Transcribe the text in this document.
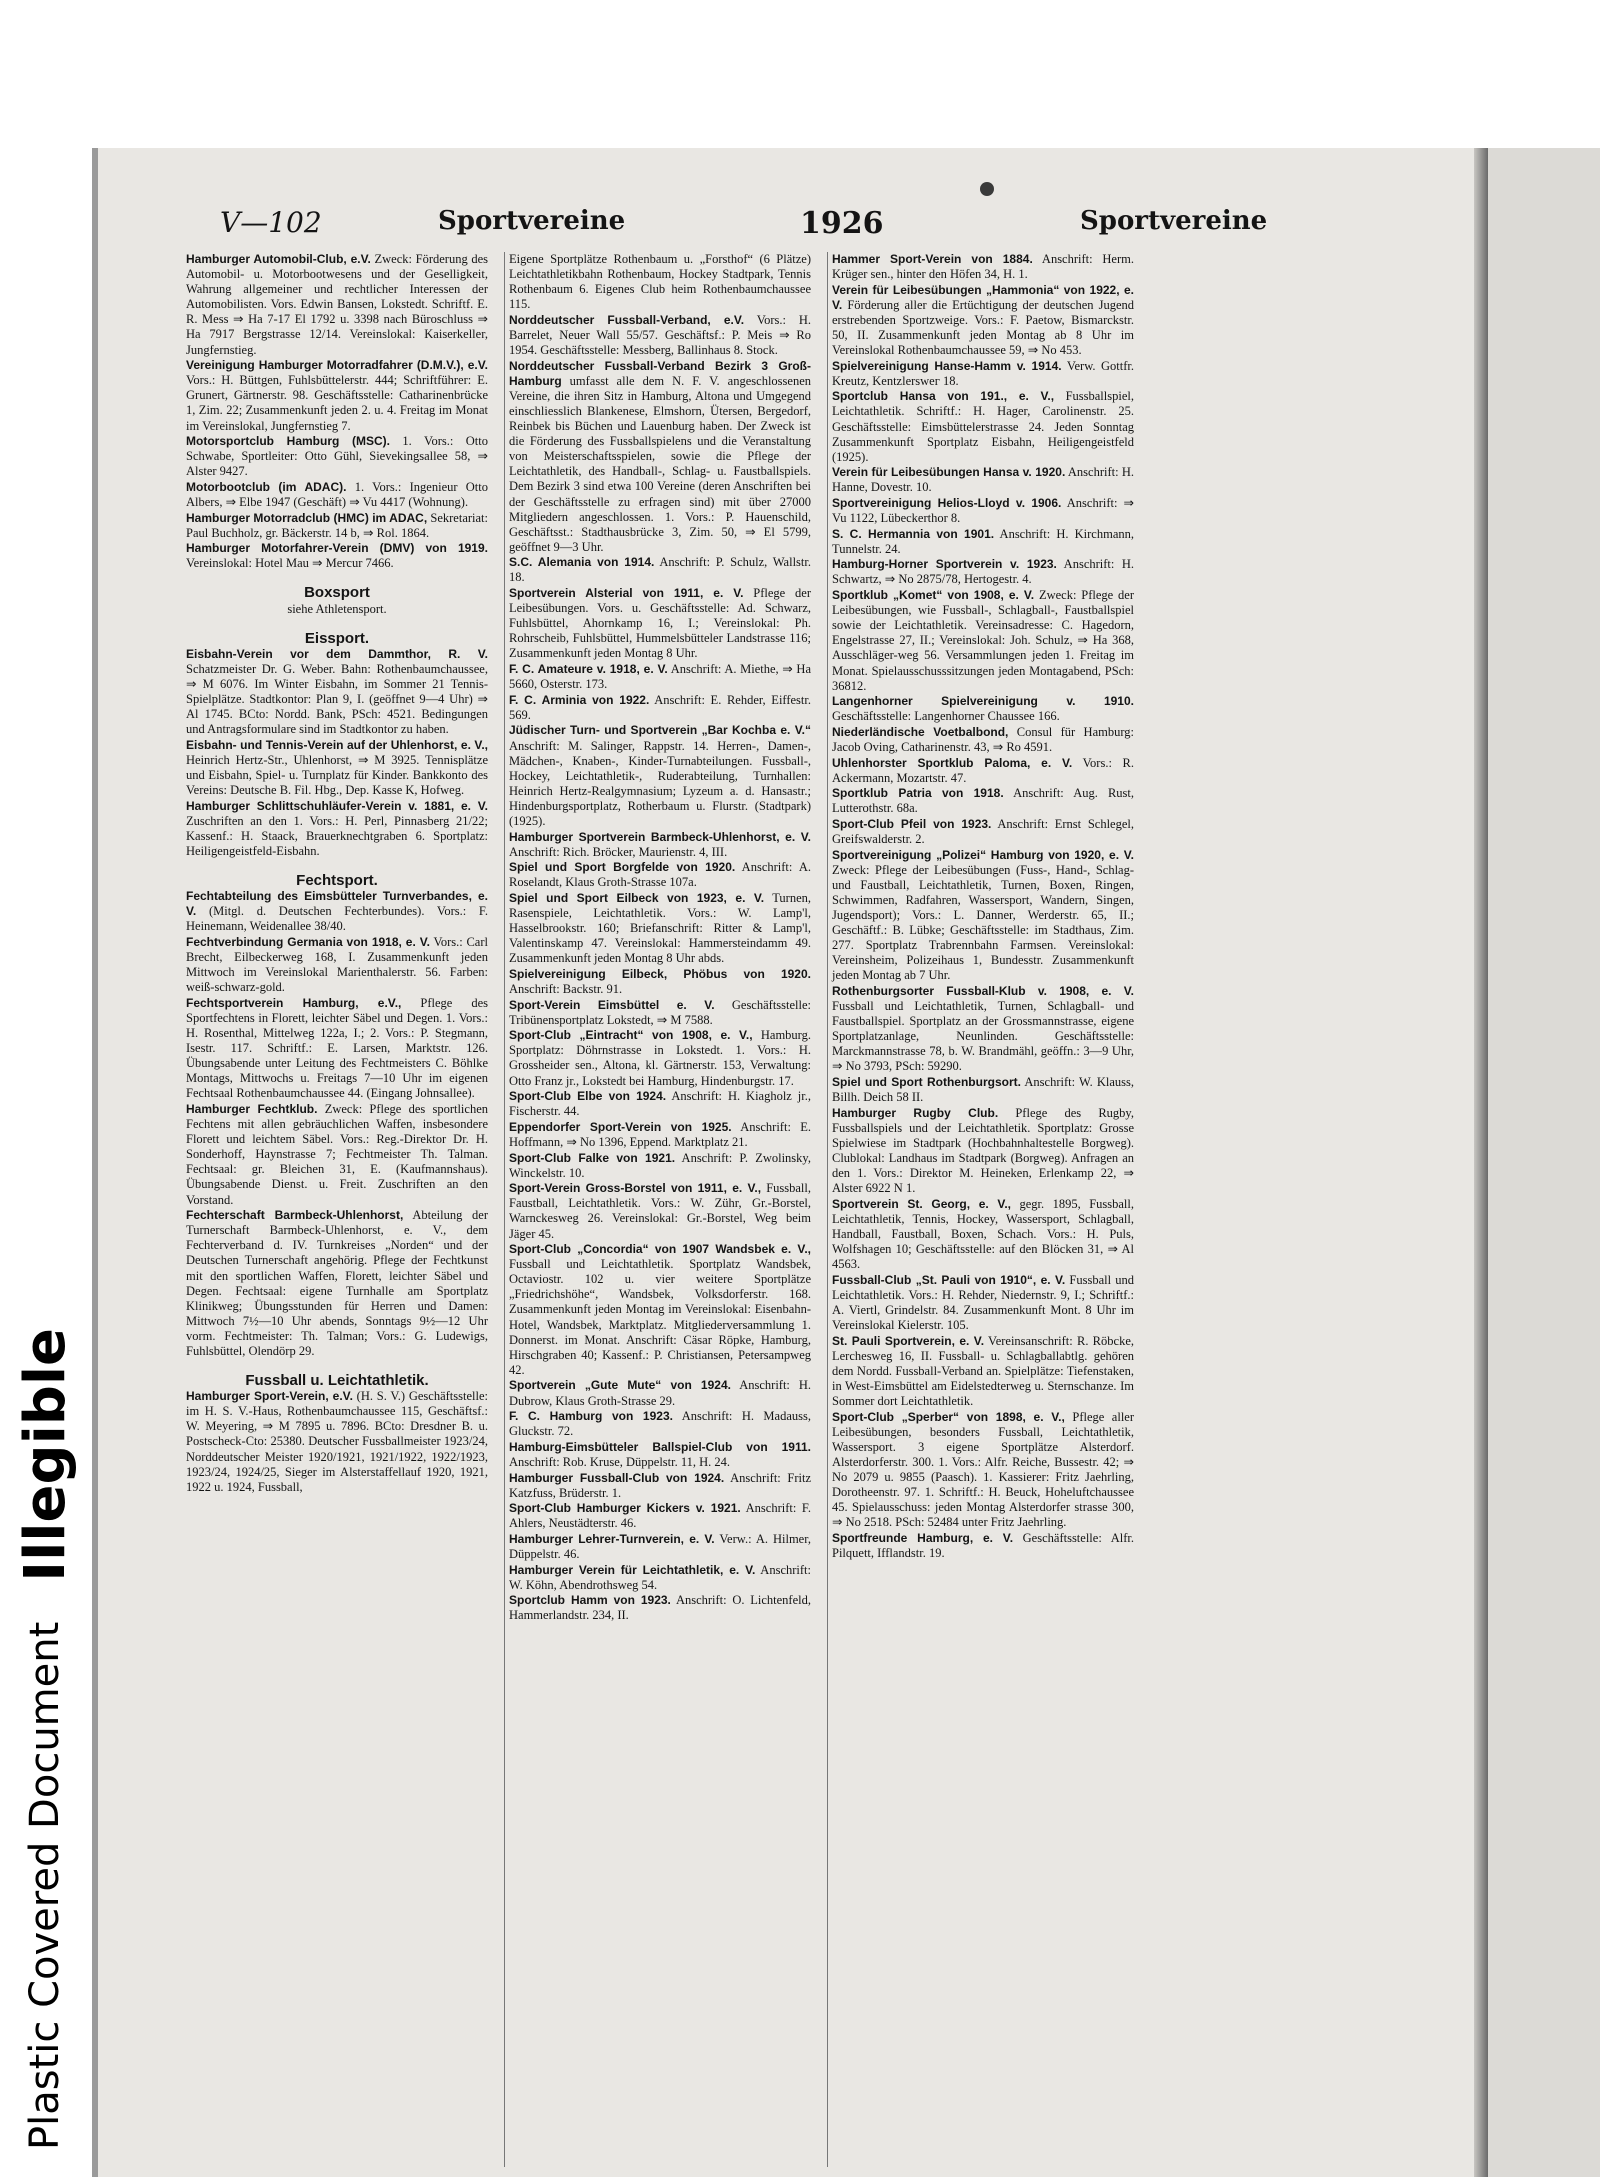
Plastic Covered Document
Illegible
V—102	Sportvereine	1926	Sportvereine
Hamburger Automobil-Club, e.V. Zweck: Förderung des Automobil- u. Motorbootwesens und der Geselligkeit, Wahrung allgemeiner und rechtlicher Interessen der Automobilisten. Vors. Edwin Bansen, Lokstedt. Schriftf. E. R. Mess ⇒ Ha 7-17 El 1792 u. 3398 nach Büroschluss ⇒ Ha 7917 Bergstrasse 12/14. Vereinslokal: Kaiserkeller, Jungfernstieg.
Vereinigung Hamburger Motorradfahrer (D.M.V.), e.V. Vors.: H. Büttgen, Fuhlsbüttelerstr. 444; Schriftführer: E. Grunert, Gärtnerstr. 98. Geschäftsstelle: Catharinenbrücke 1, Zim. 22; Zusammenkunft jeden 2. u. 4. Freitag im Monat im Vereinslokal, Jungfernstieg 7.
Motorsportclub Hamburg (MSC). 1. Vors.: Otto Schwabe, Sportleiter: Otto Gühl, Sievekingsallee 58, ⇒ Alster 9427.
Motorbootclub (im ADAC). 1. Vors.: Ingenieur Otto Albers, ⇒ Elbe 1947 (Geschäft) ⇒ Vu 4417 (Wohnung).
Hamburger Motorradclub (HMC) im ADAC, Sekretariat: Paul Buchholz, gr. Bäckerstr. 14 b, ⇒ Rol. 1864.
Hamburger Motorfahrer-Verein (DMV) von 1919. Vereinslokal: Hotel Mau ⇒ Mercur 7466.
Boxsport
siehe Athletensport.
Eissport.
Eisbahn-Verein vor dem Dammthor, R. V. Schatzmeister Dr. G. Weber. Bahn: Rothenbaumchaussee, ⇒ M 6076. Im Winter Eisbahn, im Sommer 21 Tennis-Spielplätze. Stadtkontor: Plan 9, I. (geöffnet 9—4 Uhr) ⇒ Al 1745. BCto: Nordd. Bank, PSch: 4521. Bedingungen und Antragsformulare sind im Stadtkontor zu haben.
Eisbahn- und Tennis-Verein auf der Uhlenhorst, e. V., Heinrich Hertz-Str., Uhlenhorst, ⇒ M 3925. Tennisplätze und Eisbahn, Spiel- u. Turnplatz für Kinder. Bankkonto des Vereins: Deutsche B. Fil. Hbg., Dep. Kasse K, Hofweg.
Hamburger Schlittschuhläufer-Verein v. 1881, e. V. Zuschriften an den 1. Vors.: H. Perl, Pinnasberg 21/22; Kassenf.: H. Staack, Brauerknechtgraben 6. Sportplatz: Heiligengeistfeld-Eisbahn.
Fechtsport.
Fechtabteilung des Eimsbütteler Turnverbandes, e. V. (Mitgl. d. Deutschen Fechterbundes). Vors.: F. Heinemann, Weidenallee 38/40.
Fechtverbindung Germania von 1918, e. V. Vors.: Carl Brecht, Eilbeckerweg 168, I. Zusammenkunft jeden Mittwoch im Vereinslokal Marienthalerstr. 56. Farben: weiß-schwarz-gold.
Fechtsportverein Hamburg, e.V., Pflege des Sportfechtens in Florett, leichter Säbel und Degen. 1. Vors.: H. Rosenthal, Mittelweg 122a, I.; 2. Vors.: P. Stegmann, Isestr. 117. Schriftf.: E. Larsen, Marktstr. 126. Übungsabende unter Leitung des Fechtmeisters C. Böhlke Montags, Mittwochs u. Freitags 7—10 Uhr im eigenen Fechtsaal Rothenbaumchaussee 44. (Eingang Johnsallee).
Hamburger Fechtklub. Zweck: Pflege des sportlichen Fechtens mit allen gebräuchlichen Waffen, insbesondere Florett und leichtem Säbel. Vors.: Reg.-Direktor Dr. H. Sonderhoff, Haynstrasse 7; Fechtmeister Th. Talman. Fechtsaal: gr. Bleichen 31, E. (Kaufmannshaus). Übungsabende Dienst. u. Freit. Zuschriften an den Vorstand.
Fechterschaft Barmbeck-Uhlenhorst, Abteilung der Turnerschaft Barmbeck-Uhlenhorst, e. V., dem Fechterverband d. IV. Turnkreises „Norden“ und der Deutschen Turnerschaft angehörig. Pflege der Fechtkunst mit den sportlichen Waffen, Florett, leichter Säbel und Degen. Fechtsaal: eigene Turnhalle am Sportplatz Klinikweg; Übungsstunden für Herren und Damen: Mittwoch 7½—10 Uhr abends, Sonntags 9½—12 Uhr vorm. Fechtmeister: Th. Talman; Vors.: G. Ludewigs, Fuhlsbüttel, Olendörp 29.
Fussball u. Leichtathletik.
Hamburger Sport-Verein, e.V. (H. S. V.) Geschäftsstelle: im H. S. V.-Haus, Rothenbaumchaussee 115, Geschäftsf.: W. Meyering, ⇒ M 7895 u. 7896. BCto: Dresdner B. u. Postscheck-Cto: 25380. Deutscher Fussballmeister 1923/24, Norddeutscher Meister 1920/1921, 1921/1922, 1922/1923, 1923/24, 1924/25, Sieger im Alsterstaffellauf 1920, 1921, 1922 u. 1924, Fussball,
Eigene Sportplätze Rothenbaum u. „Forsthof“ (6 Plätze) Leichtathletikbahn Rothenbaum, Hockey Stadtpark, Tennis Rothenbaum 6. Eigenes Club heim Rothenbaumchaussee 115.
Norddeutscher Fussball-Verband, e.V. Vors.: H. Barrelet, Neuer Wall 55/57. Geschäftsf.: P. Meis ⇒ Ro 1954. Geschäftsstelle: Messberg, Ballinhaus 8. Stock.
Norddeutscher Fussball-Verband Bezirk 3 Groß-Hamburg umfasst alle dem N. F. V. angeschlossenen Vereine, die ihren Sitz in Hamburg, Altona und Umgegend einschliesslich Blankenese, Elmshorn, Ütersen, Bergedorf, Reinbek bis Büchen und Lauenburg haben. Der Zweck ist die Förderung des Fussballspielens und die Veranstaltung von Meisterschaftsspielen, sowie die Pflege der Leichtathletik, des Handball-, Schlag- u. Faustballspiels. Dem Bezirk 3 sind etwa 100 Vereine (deren Anschriften bei der Geschäftsstelle zu erfragen sind) mit über 27000 Mitgliedern angeschlossen. 1. Vors.: P. Hauenschild, Geschäftsst.: Stadthausbrücke 3, Zim. 50, ⇒ El 5799, geöffnet 9—3 Uhr.
S.C. Alemania von 1914. Anschrift: P. Schulz, Wallstr. 18.
Sportverein Alsterial von 1911, e. V. Pflege der Leibesübungen. Vors. u. Geschäftsstelle: Ad. Schwarz, Fuhlsbüttel, Ahornkamp 16, I.; Vereinslokal: Ph. Rohrscheib, Fuhlsbüttel, Hummelsbütteler Landstrasse 116; Zusammenkunft jeden Montag 8 Uhr.
F. C. Amateure v. 1918, e. V. Anschrift: A. Miethe, ⇒ Ha 5660, Osterstr. 173.
F. C. Arminia von 1922. Anschrift: E. Rehder, Eiffestr. 569.
Jüdischer Turn- und Sportverein „Bar Kochba e. V.“ Anschrift: M. Salinger, Rappstr. 14. Herren-, Damen-, Mädchen-, Knaben-, Kinder-Turnabteilungen. Fussball-, Hockey, Leichtathletik-, Ruderabteilung, Turnhallen: Heinrich Hertz-Realgymnasium; Lyzeum a. d. Hansastr.; Hindenburgsportplatz, Rotherbaum u. Flurstr. (Stadtpark) (1925).
Hamburger Sportverein Barmbeck-Uhlenhorst, e. V. Anschrift: Rich. Bröcker, Maurienstr. 4, III.
Spiel und Sport Borgfelde von 1920. Anschrift: A. Roselandt, Klaus Groth-Strasse 107a.
Spiel und Sport Eilbeck von 1923, e. V. Turnen, Rasenspiele, Leichtathletik. Vors.: W. Lamp'l, Hasselbrookstr. 160; Briefanschrift: Ritter & Lamp'l, Valentinskamp 47. Vereinslokal: Hammersteindamm 49. Zusammenkunft jeden Montag 8 Uhr abds.
Spielvereinigung Eilbeck, Phöbus von 1920. Anschrift: Backstr. 91.
Sport-Verein Eimsbüttel e. V. Geschäftsstelle: Tribünensportplatz Lokstedt, ⇒ M 7588.
Sport-Club „Eintracht“ von 1908, e. V., Hamburg. Sportplatz: Döhrnstrasse in Lokstedt. 1. Vors.: H. Grossheider sen., Altona, kl. Gärtnerstr. 153, Verwaltung: Otto Franz jr., Lokstedt bei Hamburg, Hindenburgstr. 17.
Sport-Club Elbe von 1924. Anschrift: H. Kiagholz jr., Fischerstr. 44.
Eppendorfer Sport-Verein von 1925. Anschrift: E. Hoffmann, ⇒ No 1396, Eppend. Marktplatz 21.
Sport-Club Falke von 1921. Anschrift: P. Zwolinsky, Winckelstr. 10.
Sport-Verein Gross-Borstel von 1911, e. V., Fussball, Faustball, Leichtathletik. Vors.: W. Zühr, Gr.-Borstel, Warnckesweg 26. Vereinslokal: Gr.-Borstel, Weg beim Jäger 45.
Sport-Club „Concordia“ von 1907 Wandsbek e. V., Fussball und Leichtathletik. Sportplatz Wandsbek, Octaviostr. 102 u. vier weitere Sportplätze „Friedrichshöhe“, Wandsbek, Volksdorferstr. 168. Zusammenkunft jeden Montag im Vereinslokal: Eisenbahn-Hotel, Wandsbek, Marktplatz. Mitgliederversammlung 1. Donnerst. im Monat. Anschrift: Cäsar Röpke, Hamburg, Hirschgraben 40; Kassenf.: P. Christiansen, Petersampweg 42.
Sportverein „Gute Mute“ von 1924. Anschrift: H. Dubrow, Klaus Groth-Strasse 29.
F. C. Hamburg von 1923. Anschrift: H. Madauss, Gluckstr. 72.
Hamburg-Eimsbütteler Ballspiel-Club von 1911. Anschrift: Rob. Kruse, Düppelstr. 11, H. 24.
Hamburger Fussball-Club von 1924. Anschrift: Fritz Katzfuss, Brüderstr. 1.
Sport-Club Hamburger Kickers v. 1921. Anschrift: F. Ahlers, Neustädterstr. 46.
Hamburger Lehrer-Turnverein, e. V. Verw.: A. Hilmer, Düppelstr. 46.
Hamburger Verein für Leichtathletik, e. V. Anschrift: W. Köhn, Abendrothsweg 54.
Sportclub Hamm von 1923. Anschrift: O. Lichtenfeld, Hammerlandstr. 234, II.
Hammer Sport-Verein von 1884. Anschrift: Herm. Krüger sen., hinter den Höfen 34, H. 1.
Verein für Leibesübungen „Hammonia“ von 1922, e. V. Förderung aller die Ertüchtigung der deutschen Jugend erstrebenden Sportzweige. Vors.: F. Paetow, Bismarckstr. 50, II. Zusammenkunft jeden Montag ab 8 Uhr im Vereinslokal Rothenbaumchaussee 59, ⇒ No 453.
Spielvereinigung Hanse-Hamm v. 1914. Verw. Gottfr. Kreutz, Kentzlerswег 18.
Sportclub Hansa von 191., e. V., Fussballspiel, Leichtathletik. Schriftf.: H. Hager, Carolinenstr. 25. Geschäftsstelle: Eimsbüttelerstrasse 24. Jeden Sonntag Zusammenkunft Sportplatz Eisbahn, Heiligengeistfeld (1925).
Verein für Leibesübungen Hansa v. 1920. Anschrift: H. Hanne, Dovestr. 10.
Sportvereinigung Helios-Lloyd v. 1906. Anschrift: ⇒ Vu 1122, Lübeckerthor 8.
S. C. Hermannia von 1901. Anschrift: H. Kirchmann, Tunnelstr. 24.
Hamburg-Horner Sportverein v. 1923. Anschrift: H. Schwartz, ⇒ No 2875/78, Hertogestr. 4.
Sportklub „Komet“ von 1908, e. V. Zweck: Pflege der Leibesübungen, wie Fussball-, Schlagball-, Faustballspiel sowie der Leichtathletik. Vereinsadresse: C. Hagedorn, Engelstrasse 27, II.; Vereinslokal: Joh. Schulz, ⇒ Ha 368, Ausschläger-weg 56. Versammlungen jeden 1. Freitag im Monat. Spielausschusssitzungen jeden Montagabend, PSch: 36812.
Langenhorner Spielvereinigung v. 1910. Geschäftsstelle: Langenhorner Chaussee 166.
Niederländische Voetbalbond, Consul für Hamburg: Jacob Oving, Catharinenstr. 43, ⇒ Ro 4591.
Uhlenhorster Sportklub Paloma, e. V. Vors.: R. Ackermann, Mozartstr. 47.
Sportklub Patria von 1918. Anschrift: Aug. Rust, Lutterothstr. 68a.
Sport-Club Pfeil von 1923. Anschrift: Ernst Schlegel, Greifswalderstr. 2.
Sportvereinigung „Polizei“ Hamburg von 1920, e. V. Zweck: Pflege der Leibesübungen (Fuss-, Hand-, Schlag- und Faustball, Leichtathletik, Turnen, Boxen, Ringen, Schwimmen, Radfahren, Wassersport, Wandern, Singen, Jugendsport); Vors.: L. Danner, Werderstr. 65, II.; Geschäftf.: B. Lübke; Geschäftsstelle: im Stadthaus, Zim. 277. Sportplatz Trabrennbahn Farmsen. Vereinslokal: Vereinsheim, Polizeihaus 1, Bundesstr. Zusammenkunft jeden Montag ab 7 Uhr.
Rothenburgsorter Fussball-Klub v. 1908, e. V. Fussball und Leichtathletik, Turnen, Schlagball- und Faustballspiel. Sportplatz an der Grossmannstrasse, eigene Sportplatzanlage, Neunlinden. Geschäftsstelle: Marckmannstrasse 78, b. W. Brandmähl, geöffn.: 3—9 Uhr, ⇒ No 3793, PSch: 59290.
Spiel und Sport Rothenburgsort. Anschrift: W. Klauss, Billh. Deich 58 II.
Hamburger Rugby Club. Pflege des Rugby, Fussballspiels und der Leichtathletik. Sportplatz: Grosse Spielwiese im Stadtpark (Hochbahnhaltestelle Borgweg). Clublokal: Landhaus im Stadtpark (Borgweg). Anfragen an den 1. Vors.: Direktor M. Heineken, Erlenkamp 22, ⇒ Alster 6922 N 1.
Sportverein St. Georg, e. V., gegr. 1895, Fussball, Leichtathletik, Tennis, Hockey, Wassersport, Schlagball, Handball, Faustball, Boxen, Schach. Vors.: H. Puls, Wolfshagen 10; Geschäftsstelle: auf den Blöcken 31, ⇒ Al 4563.
Fussball-Club „St. Pauli von 1910“, e. V. Fussball und Leichtathletik. Vors.: H. Rehder, Niedernstr. 9, I.; Schriftf.: A. Viertl, Grindelstr. 84. Zusammenkunft Mont. 8 Uhr im Vereinslokal Kielerstr. 105.
St. Pauli Sportverein, e. V. Vereinsanschrift: R. Röbcke, Lerchesweg 16, II. Fussball- u. Schlagballabtlg. gehören dem Nordd. Fussball-Verband an. Spielplätze: Tiefenstaken, in West-Eimsbüttel am Eidelstedterweg u. Sternschanze. Im Sommer dort Leichtathletik.
Sport-Club „Sperber“ von 1898, e. V., Pflege aller Leibesübungen, besonders Fussball, Leichtathletik, Wassersport. 3 eigene Sportplätze Alsterdorf. Alsterdorferstr. 300. 1. Vors.: Alfr. Reiche, Bussestr. 42; ⇒ No 2079 u. 9855 (Paasch). 1. Kassierer: Fritz Jaehrling, Dorotheenstr. 97. 1. Schriftf.: H. Beuck, Hoheluftchaussee 45. Spielausschuss: jeden Montag Alsterdorfer strasse 300, ⇒ No 2518. PSch: 52484 unter Fritz Jaehrling.
Sportfreunde Hamburg, e. V. Geschäftsstelle: Alfr. Pilquett, Ifflandstr. 19.
